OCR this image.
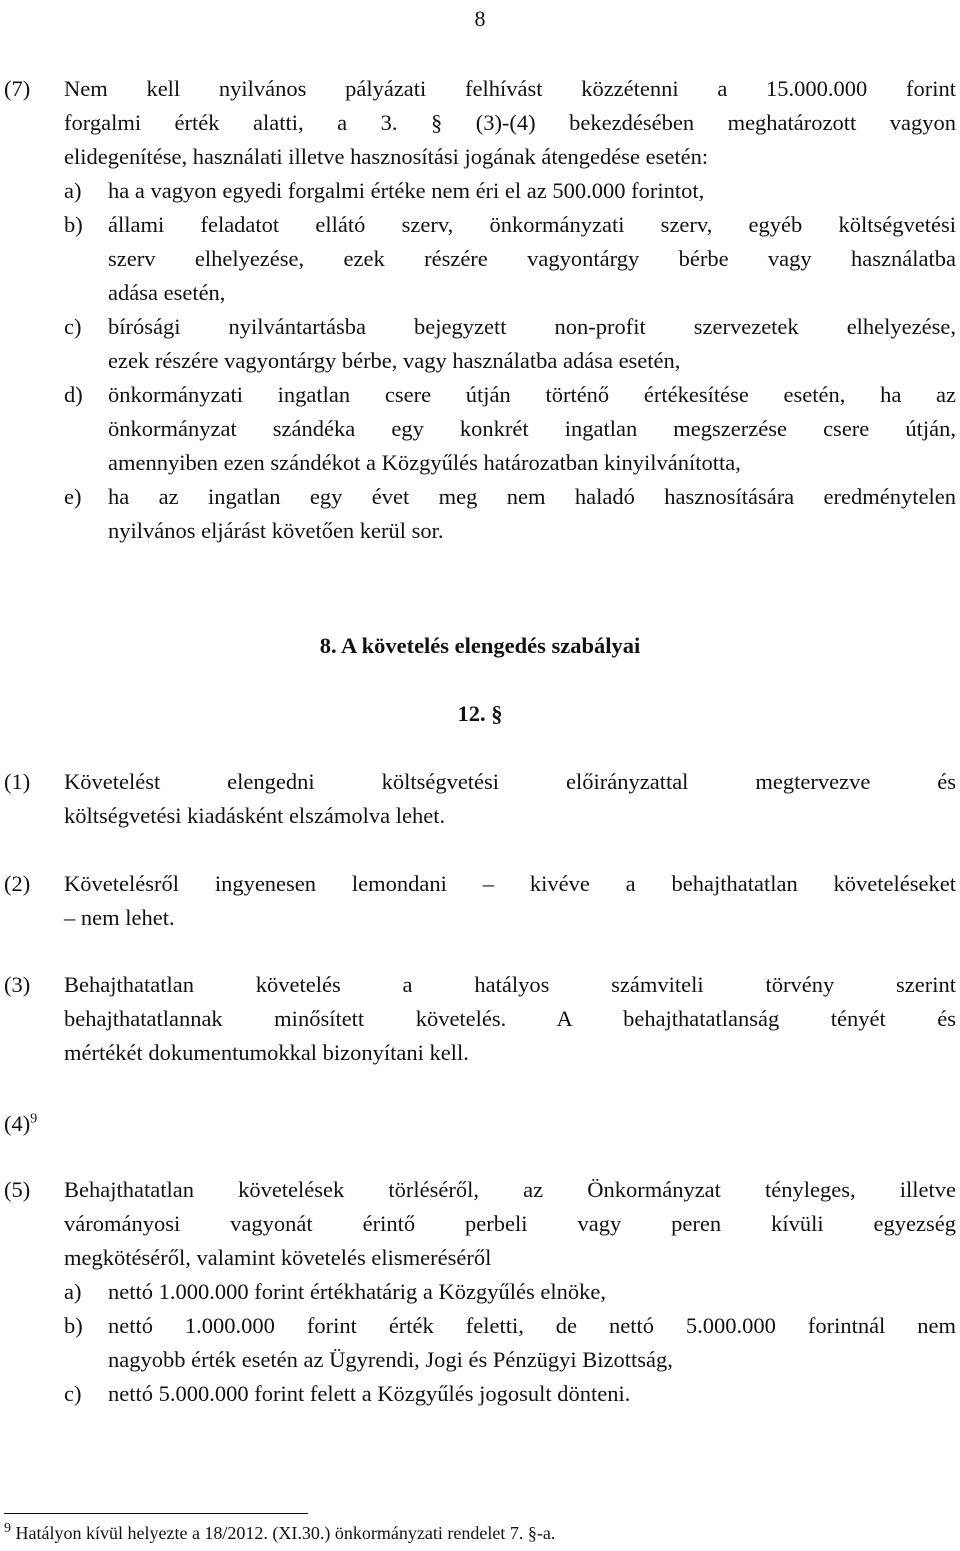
8
(7) Nem kell nyilvános pályázati felhívást közzétenni a 15.000.000 forint
forgalmi érték alatti, a 3. § (3)-(4) bekezdésében meghatározott vagyon
elidegenítése, használati illetve hasznosítási jogának átengedése esetén:
a) ha a vagyon egyedi forgalmi értéke nem éri el az 500.000 forintot,
b) állami feladatot ellátó szerv, önkormányzati szerv, egyéb költségvetési
szerv elhelyezése, ezek részére vagyontárgy bérbe vagy használatba
adása esetén,
c) bírósági nyilvántartásba bejegyzett non-profit szervezetek elhelyezése,
ezek részére vagyontárgy bérbe, vagy használatba adása esetén,
d) önkormányzati ingatlan csere útján történő értékesítése esetén, ha az
önkormányzat szándéka egy konkrét ingatlan megszerzése csere útján,
amennyiben ezen szándékot a Közgyűlés határozatban kinyilvánította,
e) ha az ingatlan egy évet meg nem haladó hasznosítására eredménytelen
nyilvános eljárást követően kerül sor.
8. A követelés elengedés szabályai
12. §
(1) Követelést elengedni költségvetési előirányzattal megtervezve és
költségvetési kiadásként elszámolva lehet.
(2) Követelésről ingyenesen lemondani – kivéve a behajthatatlan követeléseket
– nem lehet.
(3) Behajthatatlan követelés a hatályos számviteli törvény szerint
behajthatatlannak minősített követelés. A behajthatatlanság tényét és
mértékét dokumentumokkal bizonyítani kell.
$(4)^9$
(5) Behajthatatlan követelések törléséről, az Önkormányzat tényleges, illetve
várományosi vagyonát érintő perbeli vagy peren kívüli egyezség
megkötéséről, valamint követelés elismeréséről
a) nettó 1.000.000 forint értékhatárig a Közgyűlés elnöke,
b) nettó 1.000.000 forint érték feletti, de nettó 5.000.000 forintnál nem
nagyobb érték esetén az Ügyrendi, Jogi és Pénzügyi Bizottság,
c) nettó 5.000.000 forint felett a Közgyűlés jogosult dönteni.
$^9$ Hatályon kívül helyezte a 18/2012. (XI.30.) önkormányzati rendelet 7. §-a.
